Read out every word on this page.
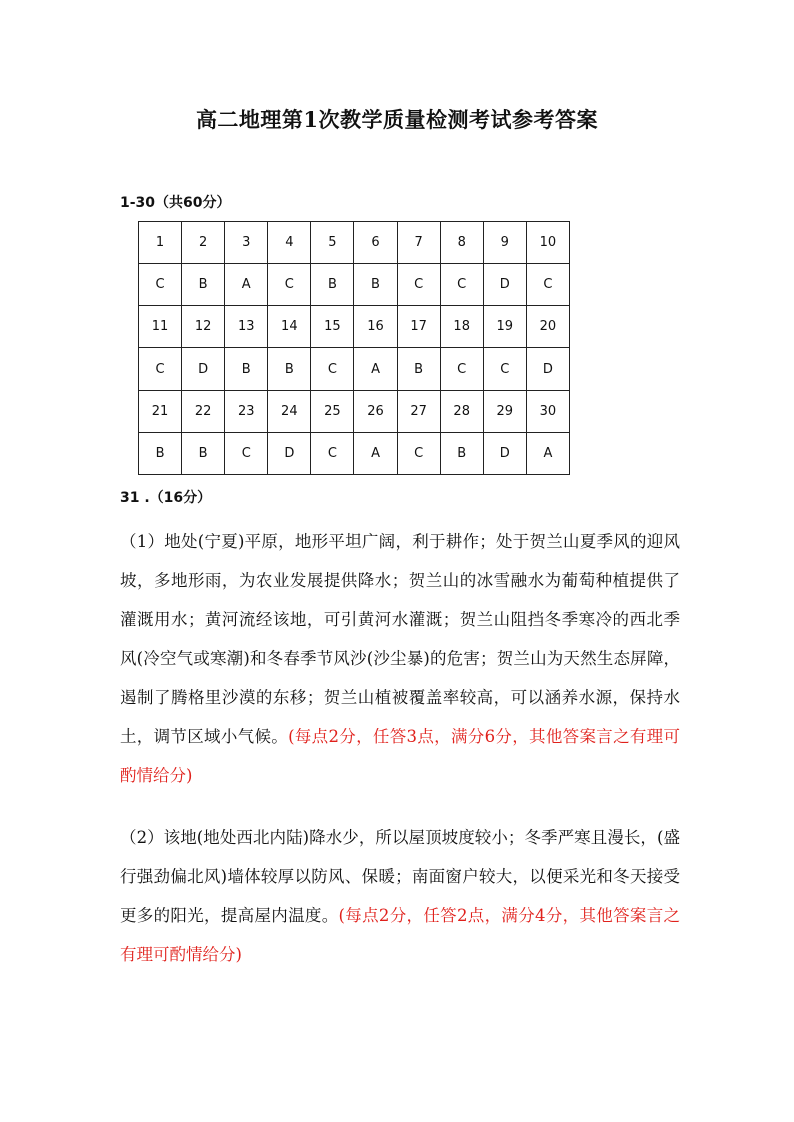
高二地理第1次教学质量检测考试参考答案
1-30（共60分）
1	2	3	4	5	6	7	8	9	10
C	B	A	C	B	B	C	C	D	C
11	12	13	14	15	16	17	18	19	20
C	D	B	B	C	A	B	C	C	D
21	22	23	24	25	26	27	28	29	30
B	B	C	D	C	A	C	B	D	A
31 .（16分）

（1）地处(宁夏)平原，地形平坦广阔，利于耕作；处于贺兰山夏季风的迎风坡，多地形雨，为农业发展提供降水；贺兰山的冰雪融水为葡萄种植提供了灌溉用水；黄河流经该地，可引黄河水灌溉；贺兰山阻挡冬季寒冷的西北季风(冷空气或寒潮)和冬春季节风沙(沙尘暴)的危害；贺兰山为天然生态屏障，遏制了腾格里沙漠的东移；贺兰山植被覆盖率较高，可以涵养水源，保持水土，调节区域小气候。(每点2分，任答3点，满分6分，其他答案言之有理可酌情给分)

（2）该地(地处西北内陆)降水少，所以屋顶坡度较小；冬季严寒且漫长，(盛行强劲偏北风)墙体较厚以防风、保暖；南面窗户较大，以便采光和冬天接受更多的阳光，提高屋内温度。(每点2分，任答2点，满分4分，其他答案言之有理可酌情给分)
